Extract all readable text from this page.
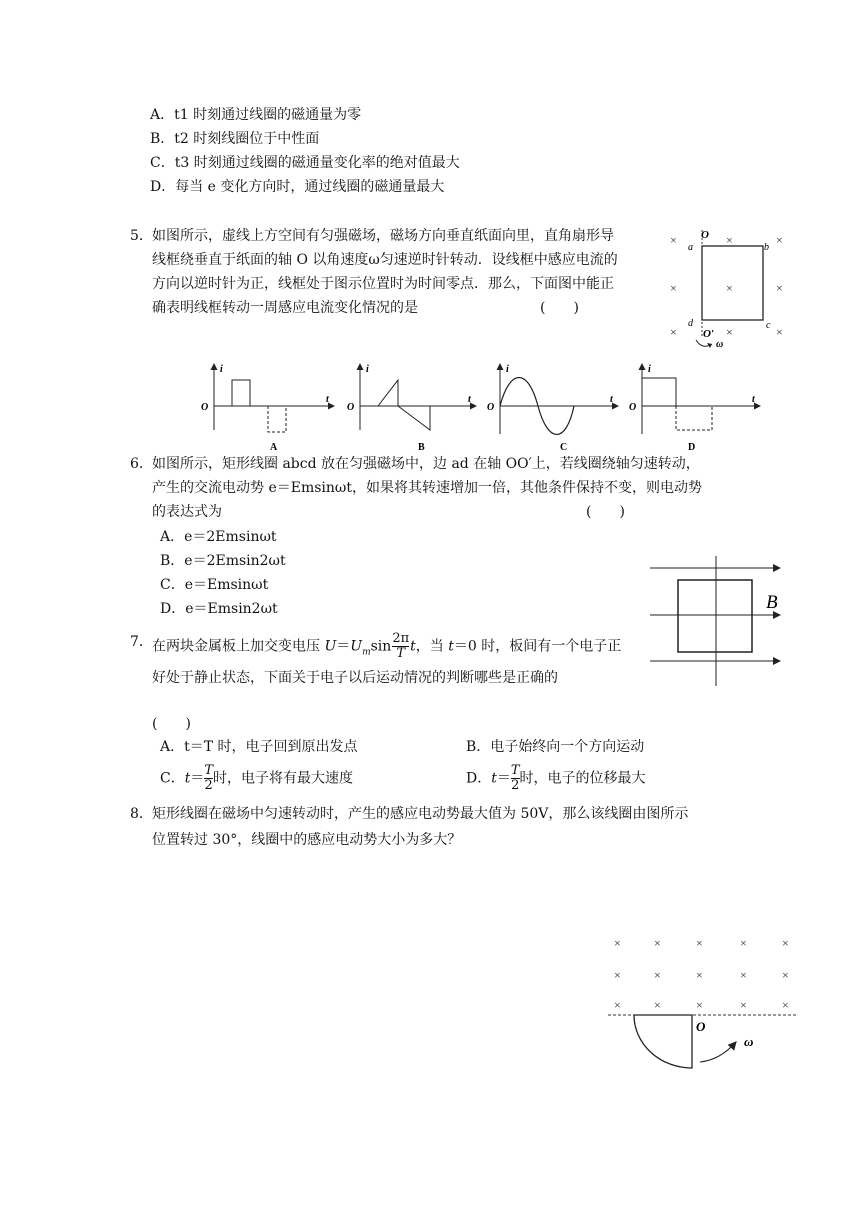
A．t1 时刻通过线圈的磁通量为零
B．t2 时刻线圈位于中性面
C．t3 时刻通过线圈的磁通量变化率的绝对值最大
D．每当 e 变化方向时，通过线圈的磁通量最大
5． 如图所示，虚线上方空间有匀强磁场，磁场方向垂直纸面向里，直角扇形导
线框绕垂直于纸面的轴 O 以角速度ω匀速逆时针转动．设线框中感应电流的
方向以逆时针为正，线框处于图示位置时为时间零点．那么，下面图中能正
确表明线框转动一周感应电流变化情况的是	(　　)
×	×	×
×	×	×
×	×	×
O
a	b
c
d
O′
ω
i
t
O
A
i
t
O
B
i
t
O
C
i
t
O
D
6． 如图所示，矩形线圈 abcd 放在匀强磁场中，边 ad 在轴 OO′上，若线圈绕轴匀速转动，
产生的交流电动势 e＝Emsinωt，如果将其转速增加一倍，其他条件保持不变，则电动势
的表达式为	(　　)
A．e＝2Emsinωt
B．e＝2Emsin2ωt
C．e＝Emsinωt
D．e＝Emsin2ωt	B
7． 在两块金属板上加交变电压 $U=U_m\sin \frac{2\pi}{T}$ t，当 t＝0 时，板间有一个电子正
好处于静止状态，下面关于电子以后运动情况的判断哪些是正确的
(　　)
A．t＝T 时，电子回到原出发点	B．电子始终向一个方向运动
C．$t= \frac{T}{2}$ 时，电子将有最大速度	D．$t= \frac{T}{2}$ 时，电子的位移最大
8． 矩形线圈在磁场中匀速转动时，产生的感应电动势最大值为 50V，那么该线圈由图所示
位置转过 30°，线圈中的感应电动势大小为多大？
×	×	×	×	×
×	×	×	×	×
×	×	×	×	×
O
ω
